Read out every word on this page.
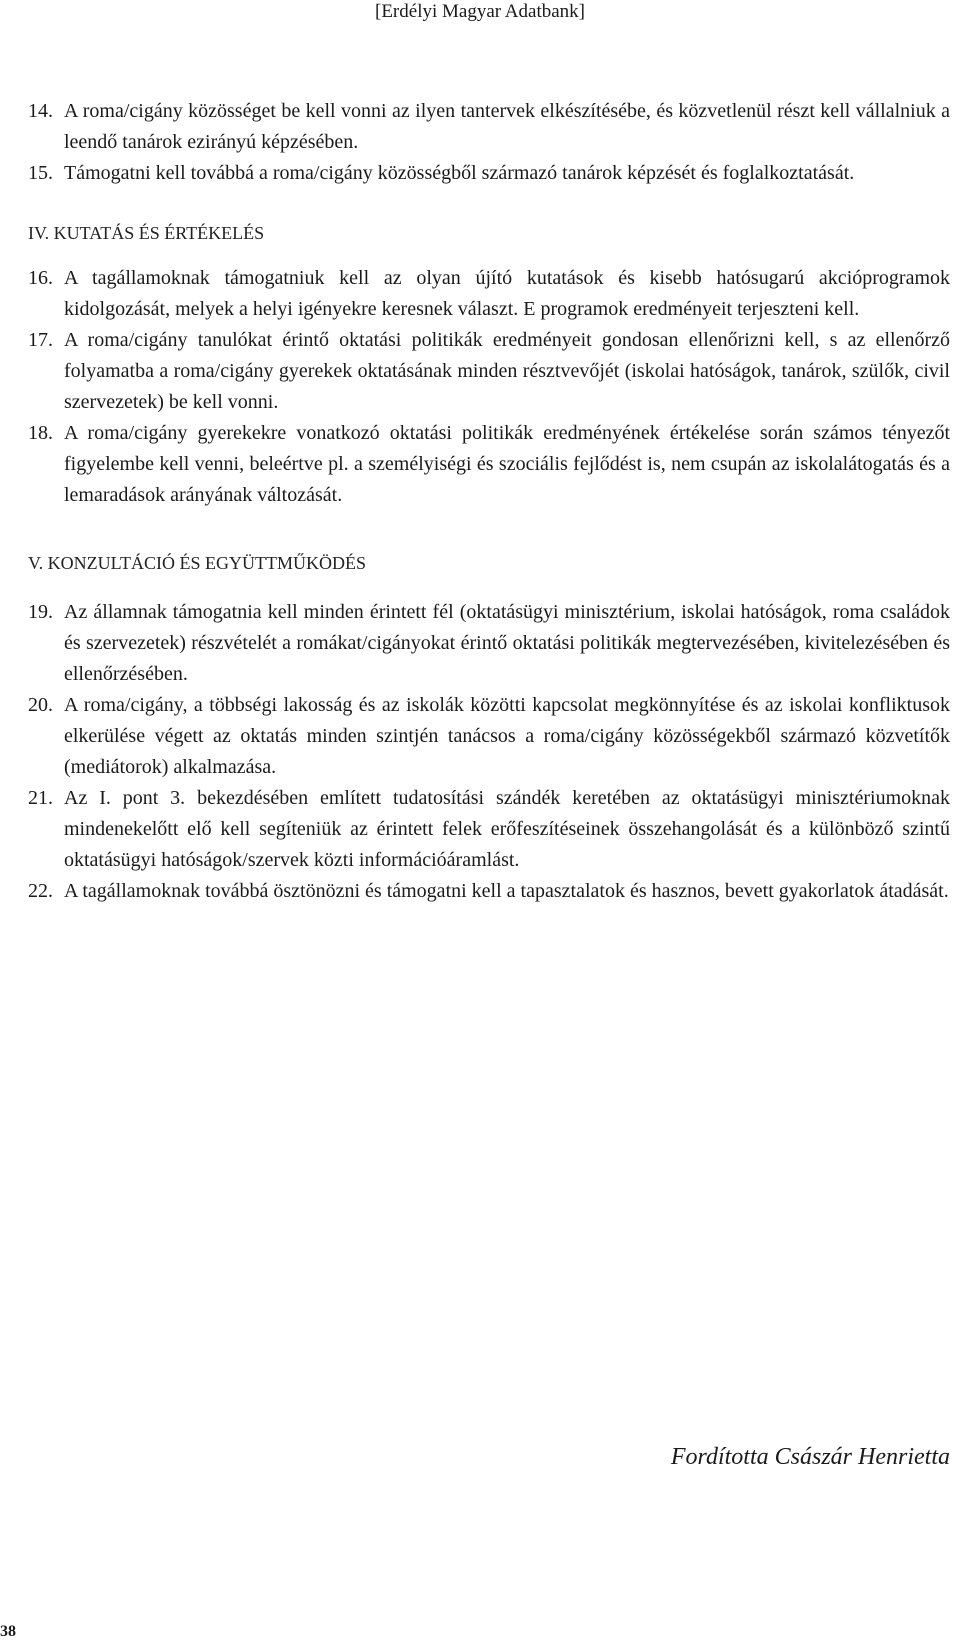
[Erdélyi Magyar Adatbank]
14. A roma/cigány közösséget be kell vonni az ilyen tantervek elkészítésébe, és közvetlenül részt kell vállalniuk a leendő tanárok ezirányú képzésében.
15. Támogatni kell továbbá a roma/cigány közösségből származó tanárok képzését és foglalkoztatását.
IV. KUTATÁS ÉS ÉRTÉKELÉS
16. A tagállamoknak támogatniuk kell az olyan újító kutatások és kisebb hatósugarú akcióprogramok kidolgozását, melyek a helyi igényekre keresnek választ. E programok eredményeit terjeszteni kell.
17. A roma/cigány tanulókat érintő oktatási politikák eredményeit gondosan ellenőrizni kell, s az ellenőrző folyamatba a roma/cigány gyerekek oktatásának minden résztvevőjét (iskolai hatóságok, tanárok, szülők, civil szervezetek) be kell vonni.
18. A roma/cigány gyerekekre vonatkozó oktatási politikák eredményének értékelése során számos tényezőt figyelembe kell venni, beleértve pl. a személyiségi és szociális fejlődést is, nem csupán az iskolalátogatás és a lemaradások arányának változását.
V. KONZULTÁCIÓ ÉS EGYÜTTMŰKÖDÉS
19. Az államnak támogatnia kell minden érintett fél (oktatásügyi minisztérium, iskolai hatóságok, roma családok és szervezetek) részvételét a romákat/cigányokat érintő oktatási politikák megtervezésében, kivitelezésében és ellenőrzésében.
20. A roma/cigány, a többségi lakosság és az iskolák közötti kapcsolat megkönnyítése és az iskolai konfliktusok elkerülése végett az oktatás minden szintjén tanácsos a roma/cigány közösségekből származó közvetítők (mediátorok) alkalmazása.
21. Az I. pont 3. bekezdésében említett tudatosítási szándék keretében az oktatásügyi minisztériumoknak mindenekelőtt elő kell segíteniük az érintett felek erőfeszítéseinek összehangolását és a különböző szintű oktatásügyi hatóságok/szervek közti információáramlást.
22. A tagállamoknak továbbá ösztönözni és támogatni kell a tapasztalatok és hasznos, bevett gyakorlatok átadását.
Fordította Császár Henrietta
38
